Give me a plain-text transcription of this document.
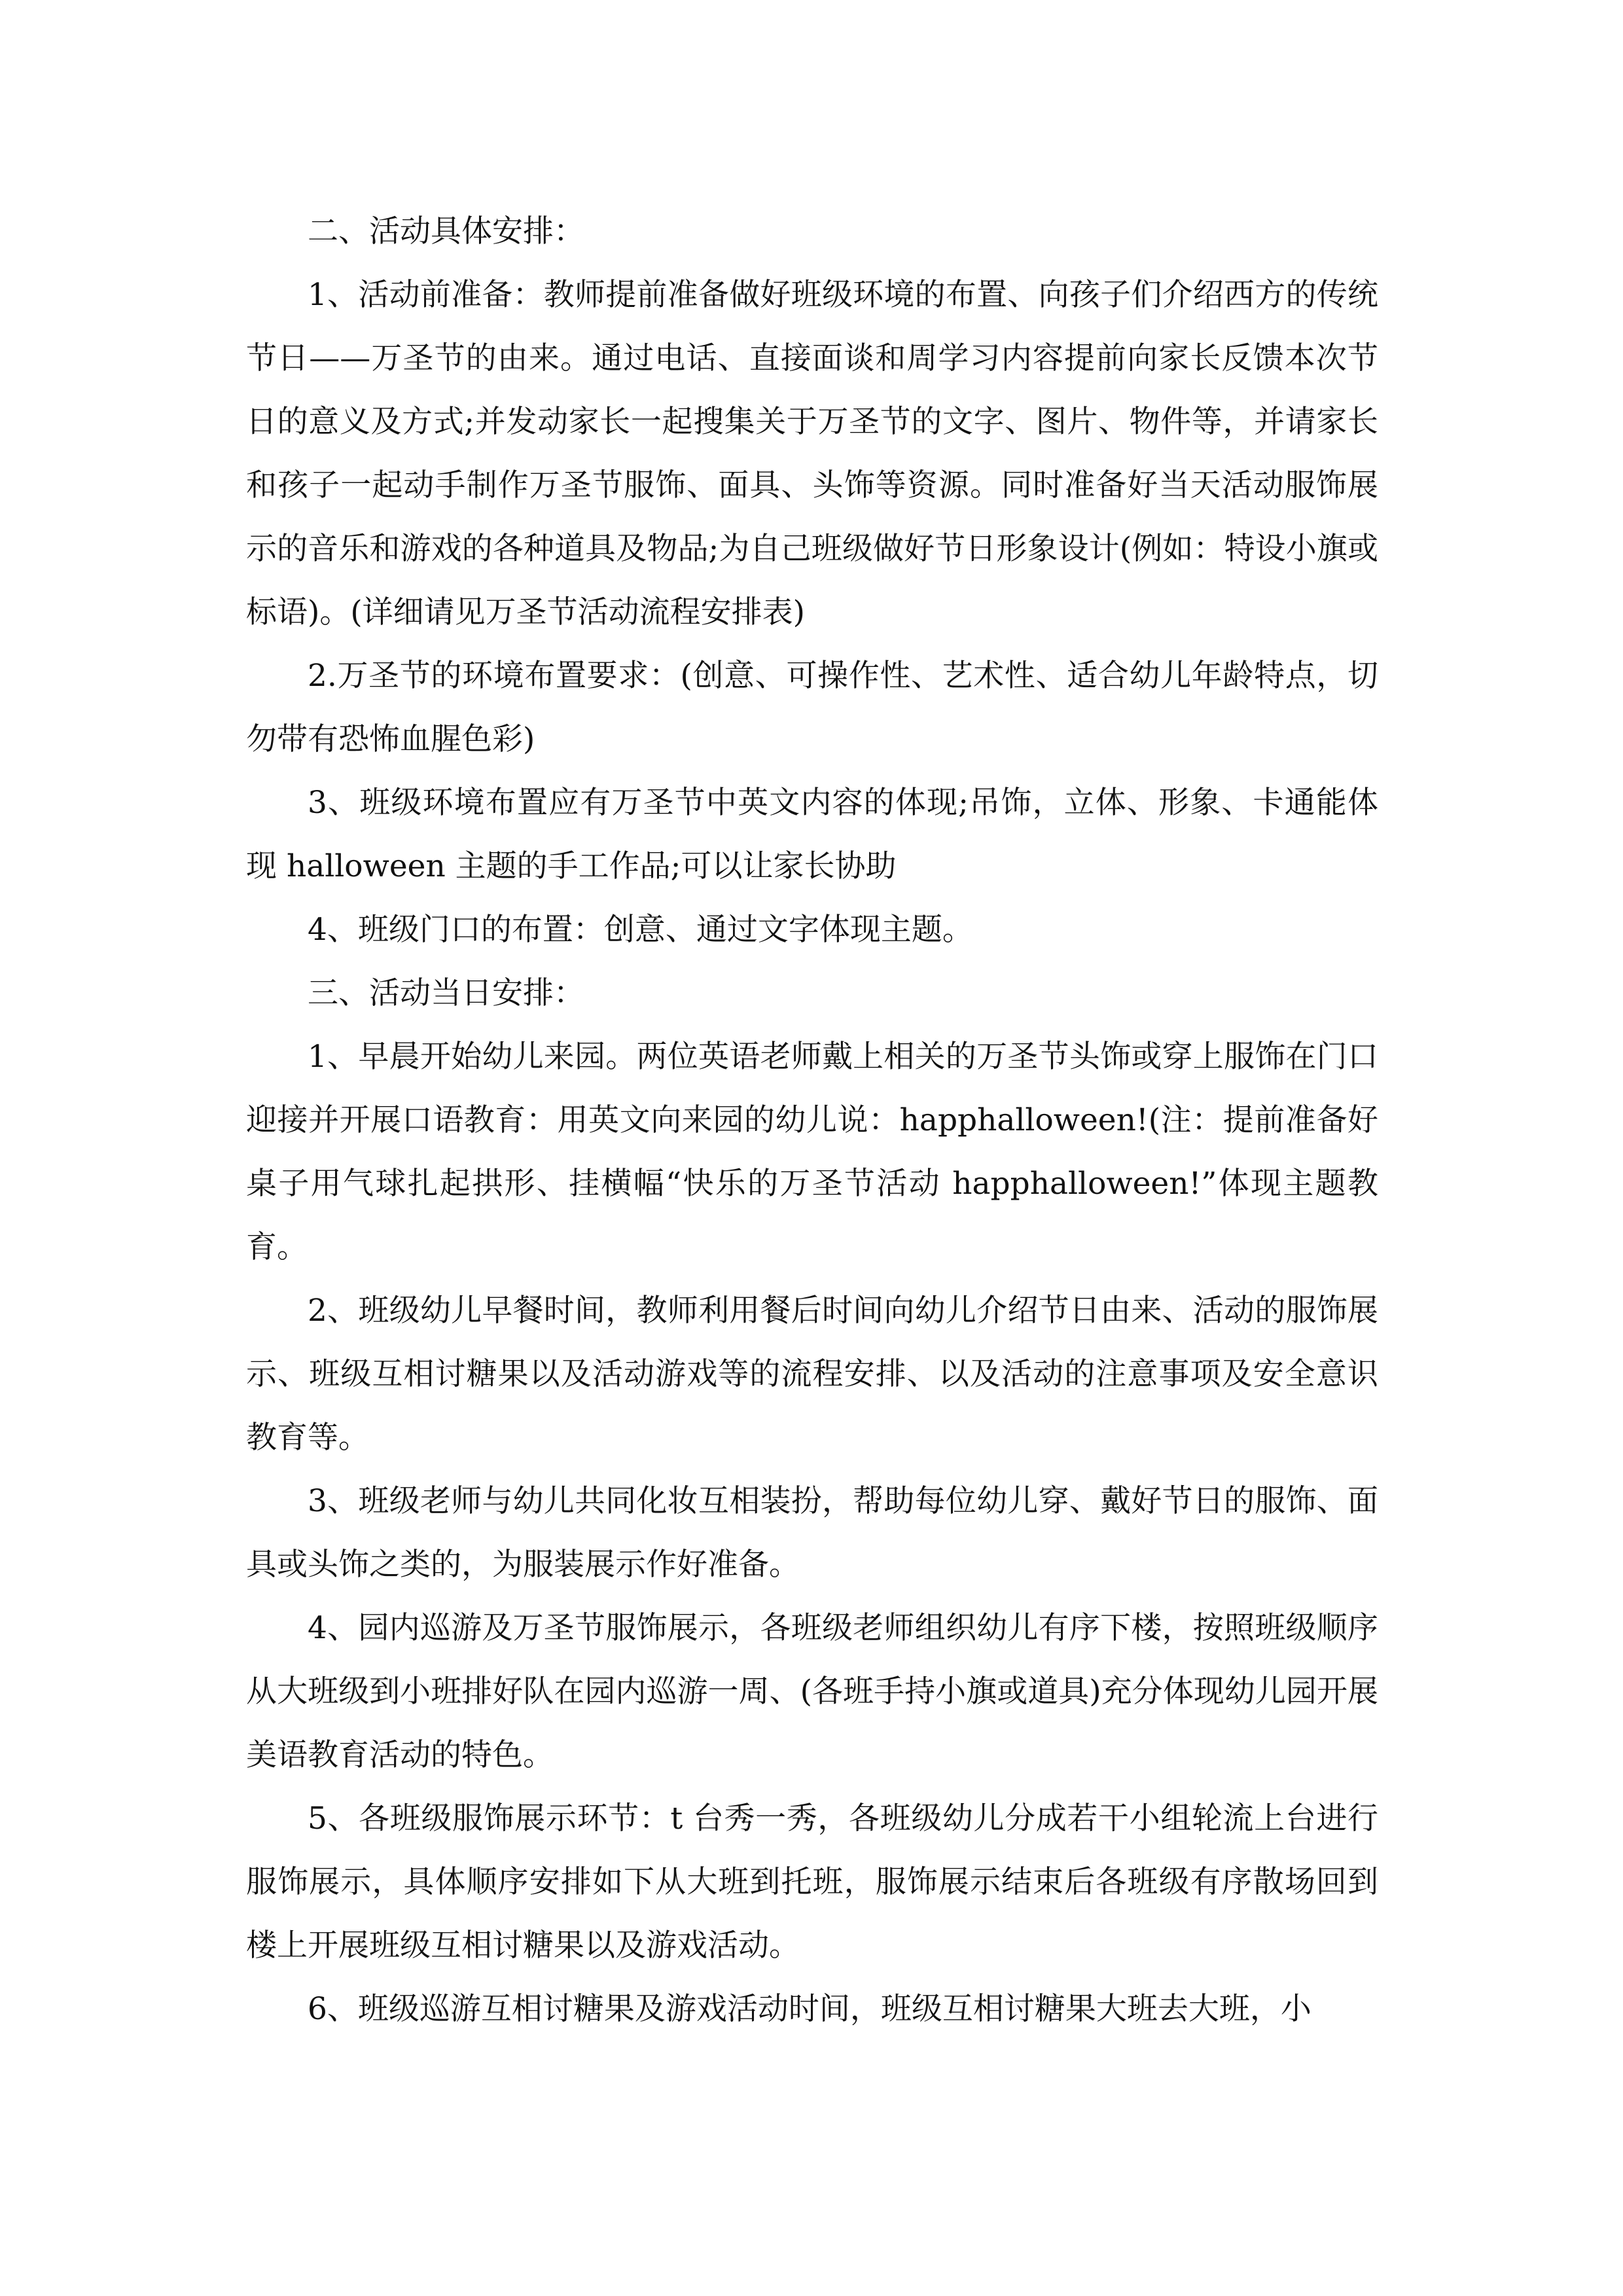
二、活动具体安排：

1、活动前准备：教师提前准备做好班级环境的布置、向孩子们介绍西方的传统节日——万圣节的由来。通过电话、直接面谈和周学习内容提前向家长反馈本次节日的意义及方式;并发动家长一起搜集关于万圣节的文字、图片、物件等，并请家长和孩子一起动手制作万圣节服饰、面具、头饰等资源。同时准备好当天活动服饰展示的音乐和游戏的各种道具及物品;为自己班级做好节日形象设计(例如：特设小旗或标语)。(详细请见万圣节活动流程安排表)

2.万圣节的环境布置要求：(创意、可操作性、艺术性、适合幼儿年龄特点，切勿带有恐怖血腥色彩)

3、班级环境布置应有万圣节中英文内容的体现;吊饰，立体、形象、卡通能体现 halloween 主题的手工作品;可以让家长协助

4、班级门口的布置：创意、通过文字体现主题。

三、活动当日安排：

1、早晨开始幼儿来园。两位英语老师戴上相关的万圣节头饰或穿上服饰在门口迎接并开展口语教育：用英文向来园的幼儿说：happhalloween!(注：提前准备好桌子用气球扎起拱形、挂横幅“快乐的万圣节活动 happhalloween!”体现主题教育。

2、班级幼儿早餐时间，教师利用餐后时间向幼儿介绍节日由来、活动的服饰展示、班级互相讨糖果以及活动游戏等的流程安排、以及活动的注意事项及安全意识教育等。

3、班级老师与幼儿共同化妆互相装扮，帮助每位幼儿穿、戴好节日的服饰、面具或头饰之类的，为服装展示作好准备。

4、园内巡游及万圣节服饰展示，各班级老师组织幼儿有序下楼，按照班级顺序从大班级到小班排好队在园内巡游一周、(各班手持小旗或道具)充分体现幼儿园开展美语教育活动的特色。

5、各班级服饰展示环节：t 台秀一秀，各班级幼儿分成若干小组轮流上台进行服饰展示，具体顺序安排如下从大班到托班，服饰展示结束后各班级有序散场回到楼上开展班级互相讨糖果以及游戏活动。

6、班级巡游互相讨糖果及游戏活动时间，班级互相讨糖果大班去大班，小
